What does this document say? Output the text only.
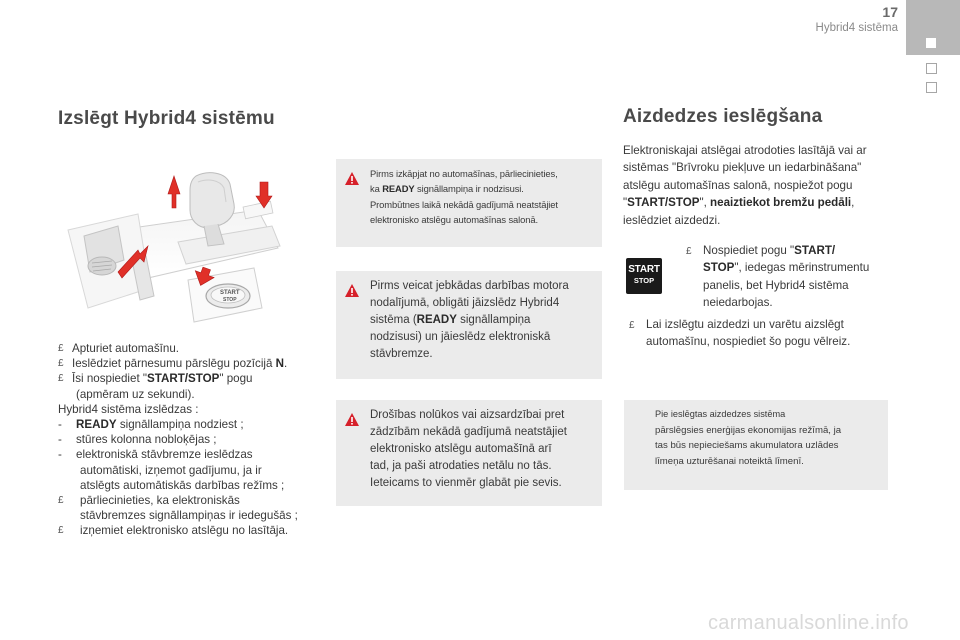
17
Hybrid4 sistēma
Izslēgt Hybrid4 sistēmu
START
STOP
£ Apturiet automašīnu.
£ Ieslēdziet pārnesumu pārslēgu pozīcijā N.
£ Īsi nospiediet "START/STOP" pogu
(apmēram uz sekundi).
Hybrid4 sistēma izslēdzas :
- READY signāllampiņa nodziest ;
- stūres kolonna nobloķējas ;
- elektroniskā stāvbremze ieslēdzas
automātiski, izņemot gadījumu, ja ir
atslēgts automātiskās darbības režīms ;
£ pārliecinieties, ka elektroniskās
stāvbremzes signāllampiņas ir iedegušās ;
£ izņemiet elektronisko atslēgu no lasītāja.
Pirms izkāpjat no automašīnas, pārliecinieties,
ka READY signāllampiņa ir nodzisusi.
Prombūtnes laikā nekādā gadījumā neatstājiet
elektronisko atslēgu automašīnas salonā.
Pirms veicat jebkādas darbības motora
nodalījumā, obligāti jāizslēdz Hybrid4
sistēma (READY signāllampiņa
nodzisusi) un jāieslēdz elektroniskā
stāvbremze.
Drošības nolūkos vai aizsardzībai pret
zādzībām nekādā gadījumā neatstājiet
elektronisko atslēgu automašīnā arī
tad, ja paši atrodaties netālu no tās.
Ieteicams to vienmēr glabāt pie sevis.
Aizdedzes ieslēgšana
Elektroniskajai atslēgai atrodoties lasītājā vai ar
sistēmas "Brīvroku piekļuve un iedarbināšana"
atslēgu automašīnas salonā, nospiežot pogu
"START/STOP", neaiztiekot bremžu pedāli,
ieslēdziet aizdedzi.
START
STOP
£ Nospiediet pogu "START/
STOP", iedegas mērinstrumentu
panelis, bet Hybrid4 sistēma
neiedarbojas.
£ Lai izslēgtu aizdedzi un varētu aizslēgt
automašīnu, nospiediet šo pogu vēlreiz.
Pie ieslēgtas aizdedzes sistēma
pārslēgsies enerģijas ekonomijas režīmā, ja
tas būs nepieciešams akumulatora uzlādes
līmeņa uzturēšanai noteiktā līmenī.
carmanualsonline.info
